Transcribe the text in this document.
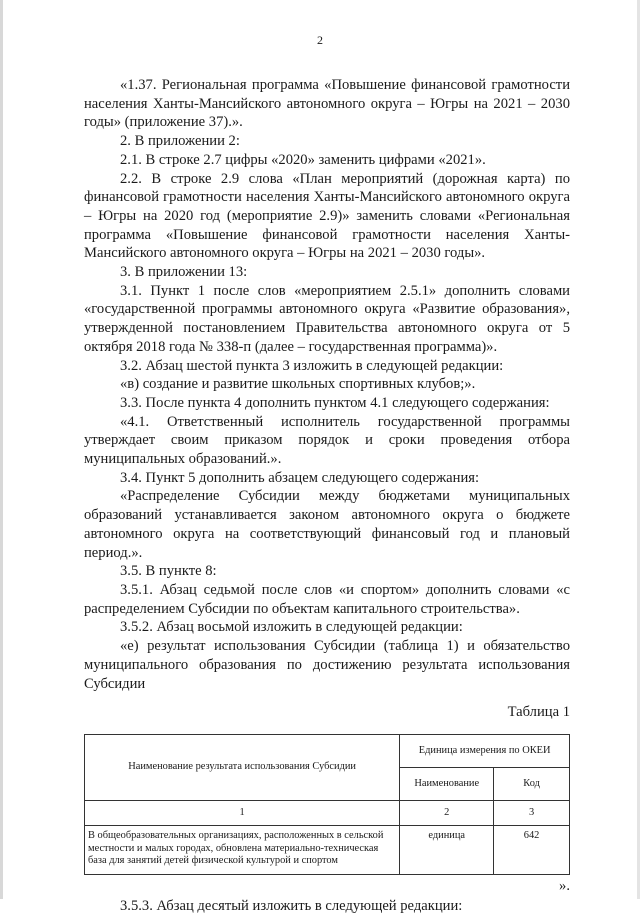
2

«1.37. Региональная программа «Повышение финансовой грамотности населения Ханты-Мансийского автономного округа – Югры на 2021 – 2030 годы» (приложение 37).».

2. В приложении 2:

2.1. В строке 2.7 цифры «2020» заменить цифрами «2021».

2.2. В строке 2.9 слова «План мероприятий (дорожная карта) по финансовой грамотности населения Ханты-Мансийского автономного округа – Югры на 2020 год (мероприятие 2.9)» заменить словами «Региональная программа «Повышение финансовой грамотности населения Ханты-Мансийского автономного округа – Югры на 2021 – 2030 годы».

3. В приложении 13:

3.1. Пункт 1 после слов «мероприятием 2.5.1» дополнить словами «государственной программы автономного округа «Развитие образования», утвержденной постановлением Правительства автономного округа от 5 октября 2018 года № 338-п (далее – государственная программа)».

3.2. Абзац шестой пункта 3 изложить в следующей редакции:

«в) создание и развитие школьных спортивных клубов;».

3.3. После пункта 4 дополнить пунктом 4.1 следующего содержания:

«4.1. Ответственный исполнитель государственной программы утверждает своим приказом порядок и сроки проведения отбора муниципальных образований.».

3.4. Пункт 5 дополнить абзацем следующего содержания:

«Распределение Субсидии между бюджетами муниципальных образований устанавливается законом автономного округа о бюджете автономного округа на соответствующий финансовый год и плановый период.».

3.5. В пункте 8:

3.5.1. Абзац седьмой после слов «и спортом» дополнить словами «с распределением Субсидии по объектам капитального строительства».

3.5.2. Абзац восьмой изложить в следующей редакции:

«е) результат использования Субсидии (таблица 1) и обязательство муниципального образования по достижению результата использования Субсидии

Таблица 1
Наименование результата использования Субсидии	Единица измерения по ОКЕИ	
	Наименование	Код
1	2	3
В общеобразовательных организациях, расположенных в сельской местности и малых городах, обновлена материально-техническая база для занятий детей физической культурой и спортом	единица	642
».

3.5.3. Абзац десятый изложить в следующей редакции:
